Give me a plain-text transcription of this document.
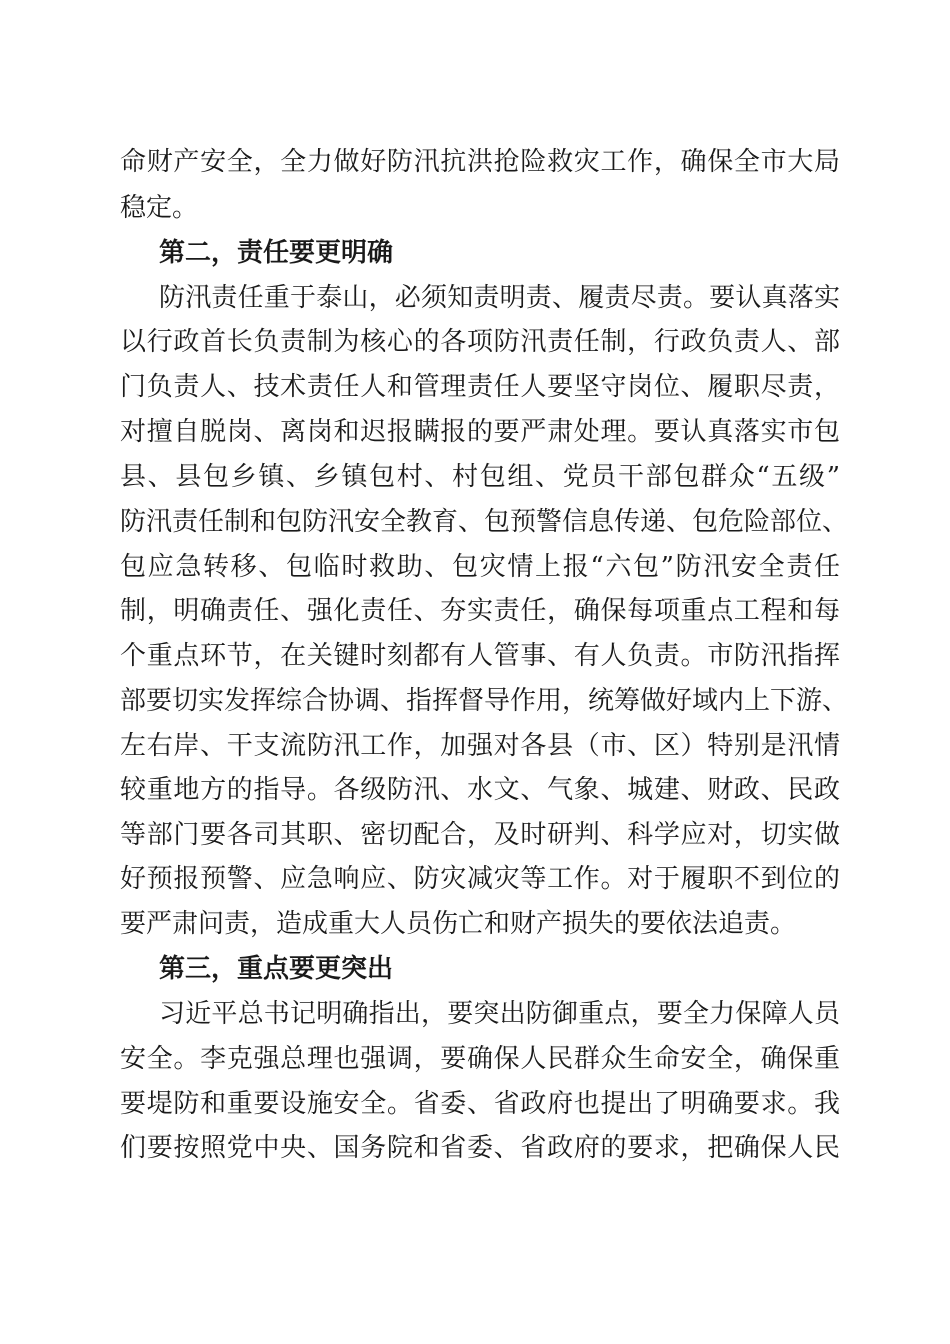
命财产安全，全力做好防汛抗洪抢险救灾工作，确保全市大局
稳定。
第二，责任要更明确
防汛责任重于泰山，必须知责明责、履责尽责。要认真落实
以行政首长负责制为核心的各项防汛责任制，行政负责人、部
门负责人、技术责任人和管理责任人要坚守岗位、履职尽责，
对擅自脱岗、离岗和迟报瞒报的要严肃处理。要认真落实市包
县、县包乡镇、乡镇包村、村包组、党员干部包群众“五级”
防汛责任制和包防汛安全教育、包预警信息传递、包危险部位、
包应急转移、包临时救助、包灾情上报“六包”防汛安全责任
制，明确责任、强化责任、夯实责任，确保每项重点工程和每
个重点环节，在关键时刻都有人管事、有人负责。市防汛指挥
部要切实发挥综合协调、指挥督导作用，统筹做好域内上下游、
左右岸、干支流防汛工作，加强对各县（市、区）特别是汛情
较重地方的指导。各级防汛、水文、气象、城建、财政、民政
等部门要各司其职、密切配合，及时研判、科学应对，切实做
好预报预警、应急响应、防灾减灾等工作。对于履职不到位的
要严肃问责，造成重大人员伤亡和财产损失的要依法追责。
第三，重点要更突出
习近平总书记明确指出，要突出防御重点，要全力保障人员
安全。李克强总理也强调，要确保人民群众生命安全，确保重
要堤防和重要设施安全。省委、省政府也提出了明确要求。我
们要按照党中央、国务院和省委、省政府的要求，把确保人民
